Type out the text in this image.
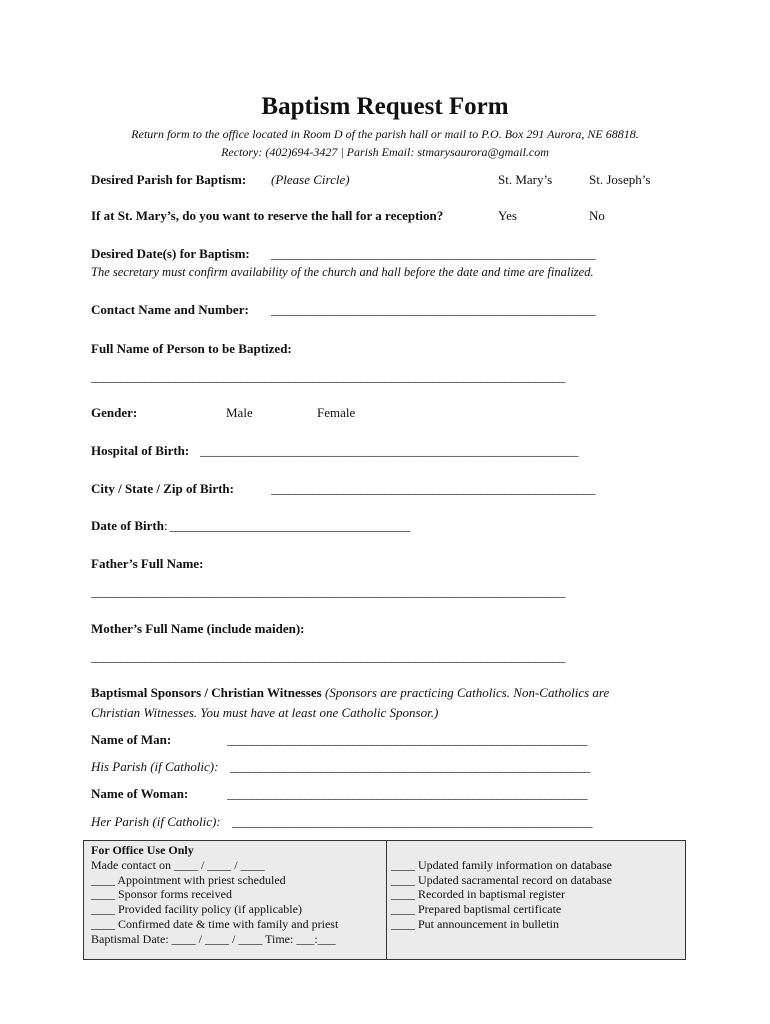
Baptism Request Form
Return form to the office located in Room D of the parish hall or mail to P.O. Box 291 Aurora, NE 68818.
Rectory: (402)694-3427 | Parish Email: stmarysaurora@gmail.com
Desired Parish for Baptism: (Please Circle)	St. Mary’s	St. Joseph’s
If at St. Mary’s, do you want to reserve the hall for a reception?	Yes	No
Desired Date(s) for Baptism: ______________________________________________________
The secretary must confirm availability of the church and hall before the date and time are finalized.
Contact Name and Number: ______________________________________________________
Full Name of Person to be Baptized:
_______________________________________________________________________________
Gender:	Male	Female
Hospital of Birth: _______________________________________________________________
City / State / Zip of Birth:	______________________________________________________
Date of Birth: ________________________________________
Father’s Full Name:
_______________________________________________________________________________
Mother’s Full Name (include maiden):
_______________________________________________________________________________
Baptismal Sponsors / Christian Witnesses (Sponsors are practicing Catholics. Non-Catholics are
Christian Witnesses. You must have at least one Catholic Sponsor.)
Name of Man:	____________________________________________________________
His Parish (if Catholic): ____________________________________________________________
Name of Woman:	____________________________________________________________
Her Parish (if Catholic): ____________________________________________________________
For Office Use Only
Made contact on ____ / ____ / ____
____ Appointment with priest scheduled
____ Sponsor forms received
____ Provided facility policy (if applicable)
____ Confirmed date & time with family and priest
Baptismal Date: ____ / ____ / ____ Time: ___:___
____ Updated family information on database
____ Updated sacramental record on database
____ Recorded in baptismal register
____ Prepared baptismal certificate
____ Put announcement in bulletin
